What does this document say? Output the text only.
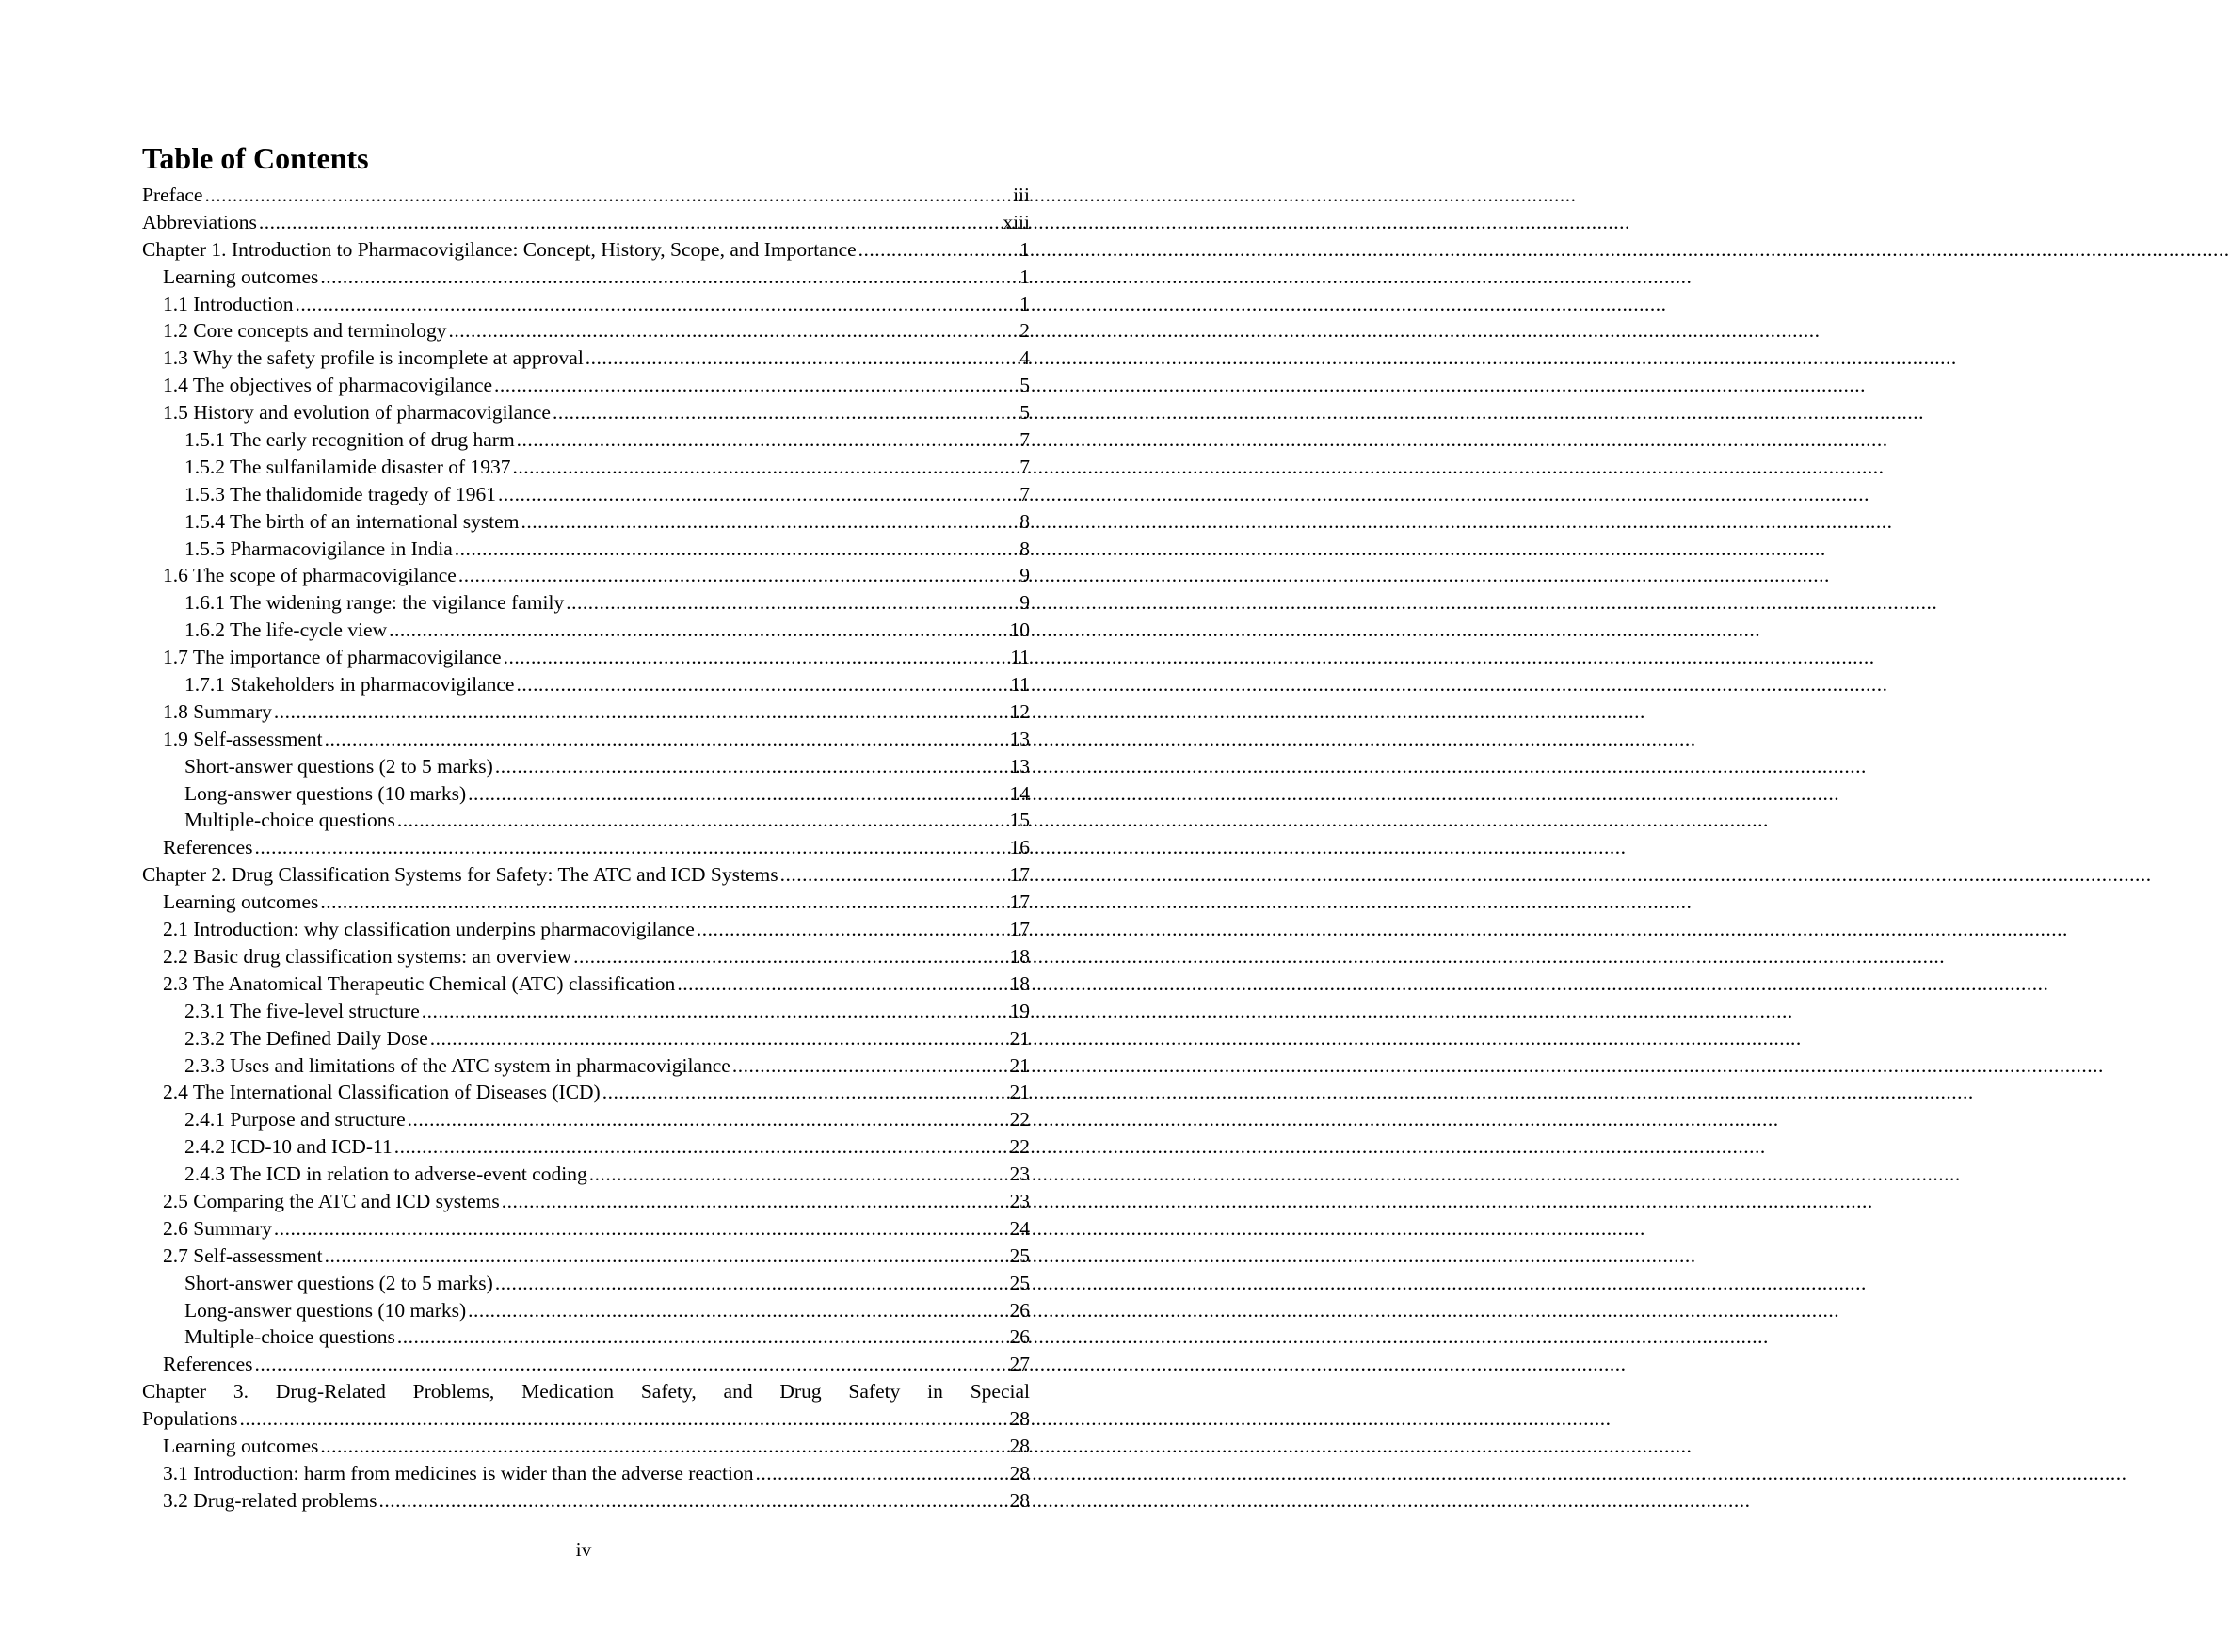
Table of Contents
Preface .....	iii
Abbreviations .....	xiii
Chapter 1. Introduction to Pharmacovigilance: Concept, History, Scope, and Importance .....	1
Learning outcomes .....	1
1.1 Introduction .....	1
1.2 Core concepts and terminology .....	2
1.3 Why the safety profile is incomplete at approval .....	4
1.4 The objectives of pharmacovigilance .....	5
1.5 History and evolution of pharmacovigilance .....	5
1.5.1 The early recognition of drug harm .....	7
1.5.2 The sulfanilamide disaster of 1937 .....	7
1.5.3 The thalidomide tragedy of 1961 .....	7
1.5.4 The birth of an international system .....	8
1.5.5 Pharmacovigilance in India .....	8
1.6 The scope of pharmacovigilance .....	9
1.6.1 The widening range: the vigilance family .....	9
1.6.2 The life-cycle view .....	10
1.7 The importance of pharmacovigilance .....	11
1.7.1 Stakeholders in pharmacovigilance .....	11
1.8 Summary .....	12
1.9 Self-assessment .....	13
Short-answer questions (2 to 5 marks) .....	13
Long-answer questions (10 marks) .....	14
Multiple-choice questions .....	15
References .....	16
Chapter 2. Drug Classification Systems for Safety: The ATC and ICD Systems .....	17
Learning outcomes .....	17
2.1 Introduction: why classification underpins pharmacovigilance .....	17
2.2 Basic drug classification systems: an overview .....	18
2.3 The Anatomical Therapeutic Chemical (ATC) classification .....	18
2.3.1 The five-level structure .....	19
2.3.2 The Defined Daily Dose .....	21
2.3.3 Uses and limitations of the ATC system in pharmacovigilance .....	21
2.4 The International Classification of Diseases (ICD) .....	21
2.4.1 Purpose and structure .....	22
2.4.2 ICD-10 and ICD-11 .....	22
2.4.3 The ICD in relation to adverse-event coding .....	23
2.5 Comparing the ATC and ICD systems .....	23
2.6 Summary .....	24
2.7 Self-assessment .....	25
Short-answer questions (2 to 5 marks) .....	25
Long-answer questions (10 marks) .....	26
Multiple-choice questions .....	26
References .....	27
Chapter 3. Drug-Related Problems, Medication Safety, and Drug Safety in Special
Populations .....	28
Learning outcomes .....	28
3.1 Introduction: harm from medicines is wider than the adverse reaction .....	28
3.2 Drug-related problems .....	28
iv
